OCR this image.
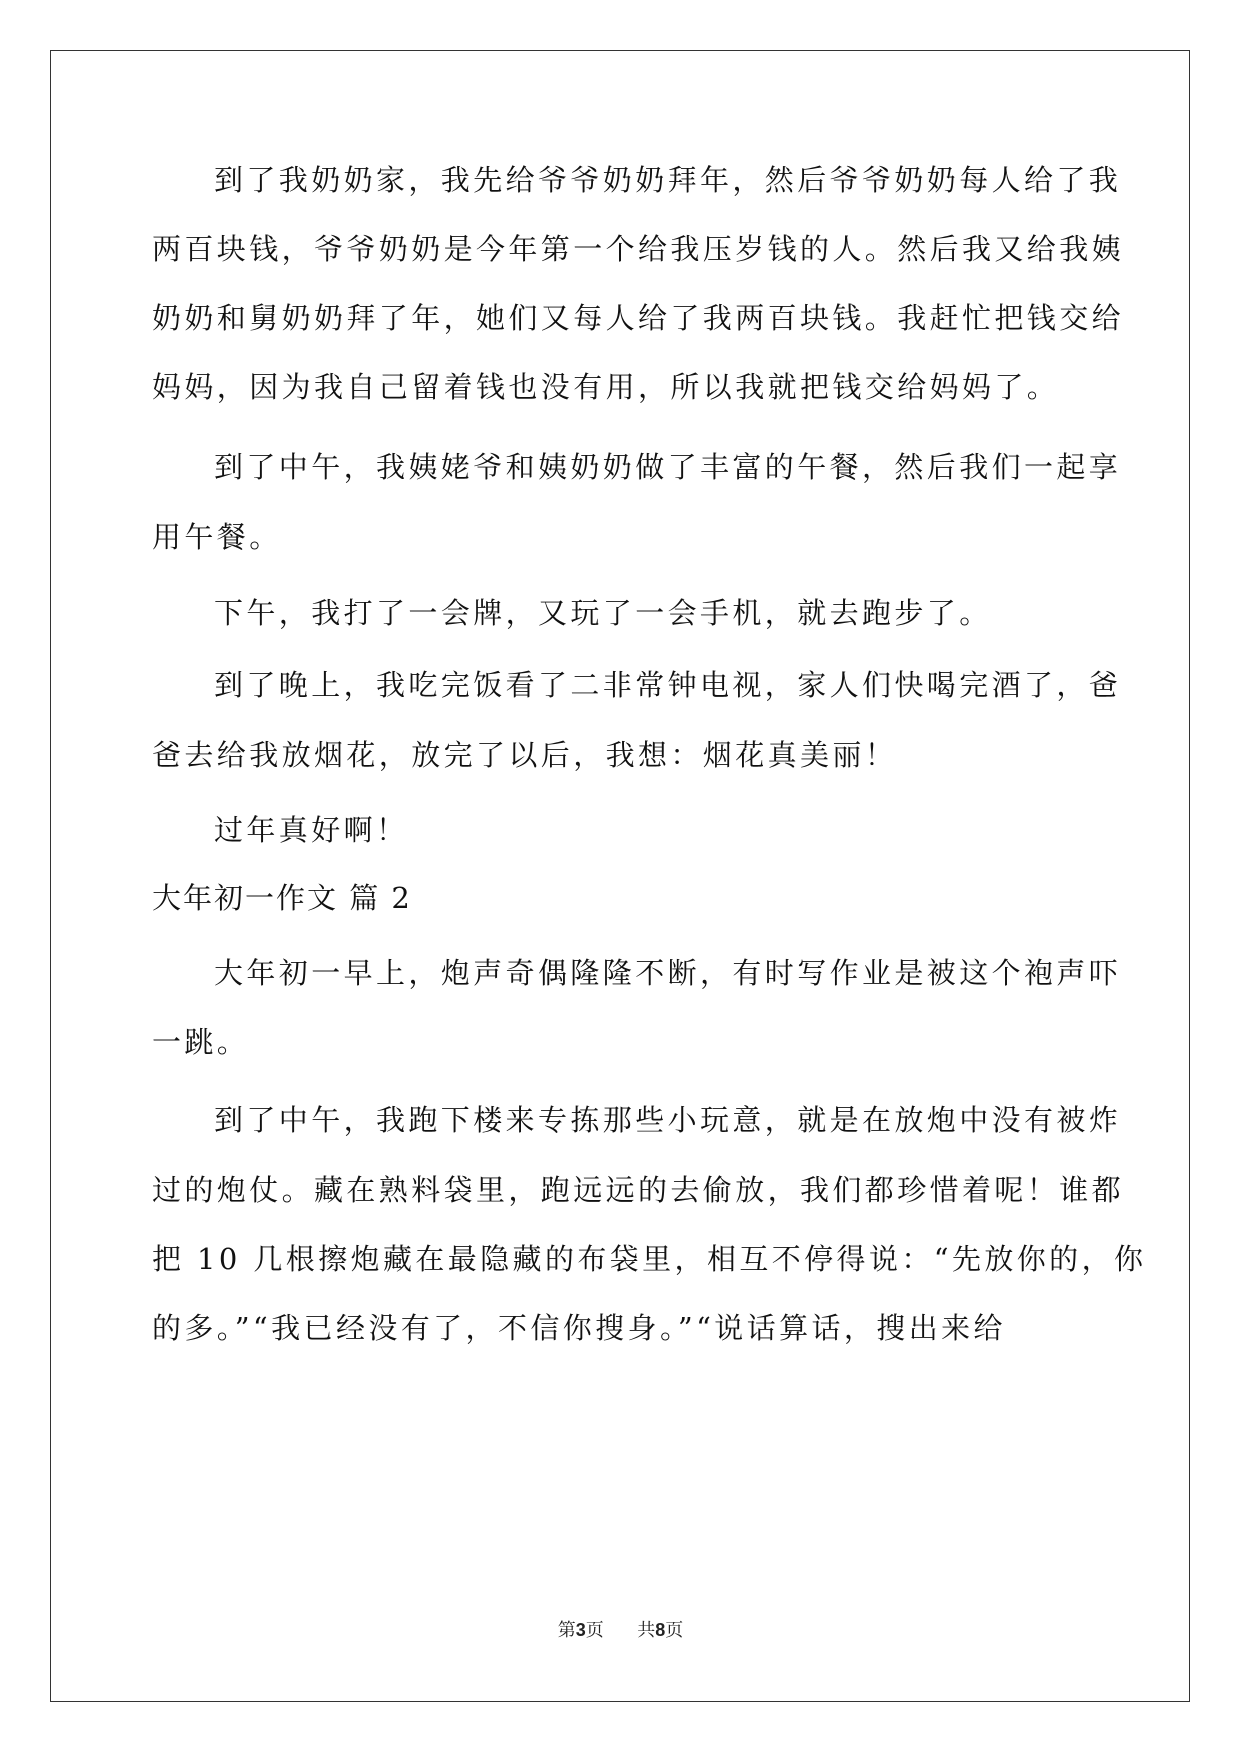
到了我奶奶家，我先给爷爷奶奶拜年，然后爷爷奶奶每人给了我
两百块钱，爷爷奶奶是今年第一个给我压岁钱的人。然后我又给我姨
奶奶和舅奶奶拜了年，她们又每人给了我两百块钱。我赶忙把钱交给
妈妈，因为我自己留着钱也没有用，所以我就把钱交给妈妈了。
到了中午，我姨姥爷和姨奶奶做了丰富的午餐，然后我们一起享
用午餐。
下午，我打了一会牌，又玩了一会手机，就去跑步了。
到了晚上，我吃完饭看了二非常钟电视，家人们快喝完酒了，爸
爸去给我放烟花，放完了以后，我想：烟花真美丽！
过年真好啊！
大年初一作文 篇 2
大年初一早上，炮声奇偶隆隆不断，有时写作业是被这个袍声吓
一跳。
到了中午，我跑下楼来专拣那些小玩意，就是在放炮中没有被炸
过的炮仗。藏在熟料袋里，跑远远的去偷放，我们都珍惜着呢！谁都
把 10 几根擦炮藏在最隐藏的布袋里，相互不停得说：“先放你的，你
的多。”“我已经没有了，不信你搜身。”“说话算话，搜出来给
第3页 共8页
